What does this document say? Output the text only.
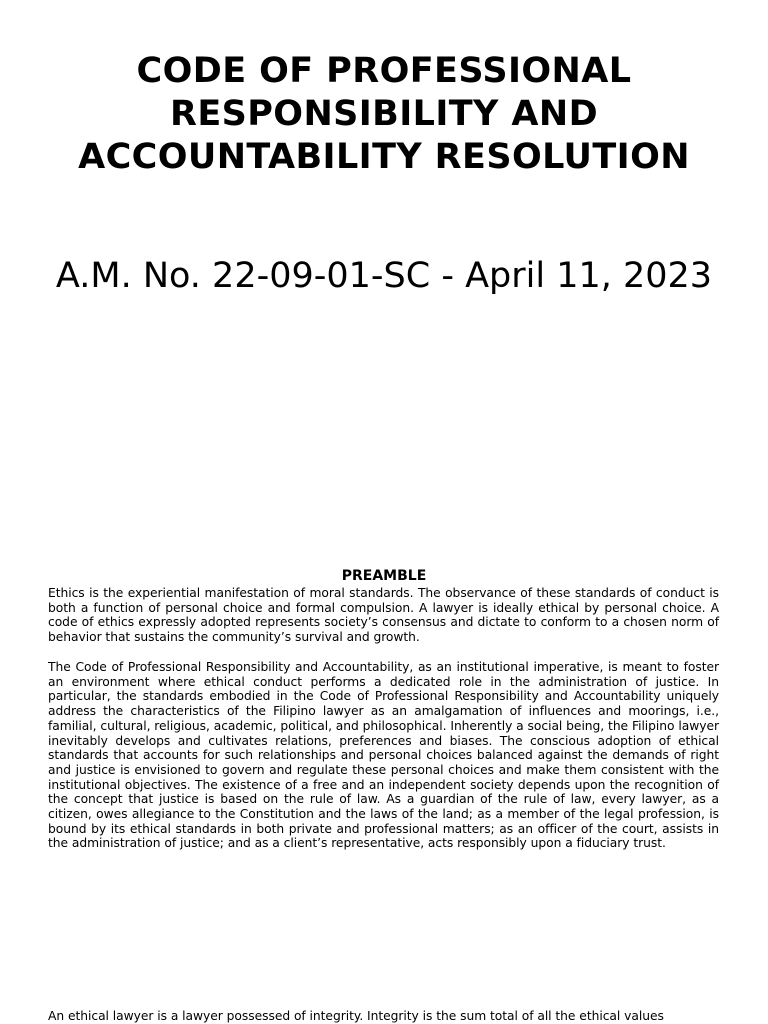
CODE OF PROFESSIONAL RESPONSIBILITY AND ACCOUNTABILITY RESOLUTION
A.M. No. 22-09-01-SC - April 11, 2023
PREAMBLE

Ethics is the experiential manifestation of moral standards. The observance of these standards of conduct is both a function of personal choice and formal compulsion. A lawyer is ideally ethical by personal choice. A code of ethics expressly adopted represents society’s consensus and dictate to conform to a chosen norm of behavior that sustains the community’s survival and growth.

The Code of Professional Responsibility and Accountability, as an institutional imperative, is meant to foster an environment where ethical conduct performs a dedicated role in the administration of justice. In particular, the standards embodied in the Code of Professional Responsibility and Accountability uniquely address the characteristics of the Filipino lawyer as an amalgamation of influences and moorings, i.e., familial, cultural, religious, academic, political, and philosophical. Inherently a social being, the Filipino lawyer inevitably develops and cultivates relations, preferences and biases. The conscious adoption of ethical standards that accounts for such relationships and personal choices balanced against the demands of right and justice is envisioned to govern and regulate these personal choices and make them consistent with the institutional objectives. The existence of a free and an independent society depends upon the recognition of the concept that justice is based on the rule of law. As a guardian of the rule of law, every lawyer, as a citizen, owes allegiance to the Constitution and the laws of the land; as a member of the legal profession, is bound by its ethical standards in both private and professional matters; as an officer of the court, assists in the administration of justice; and as a client’s representative, acts responsibly upon a fiduciary trust.

An ethical lawyer is a lawyer possessed of integrity. Integrity is the sum total of all the ethical values
